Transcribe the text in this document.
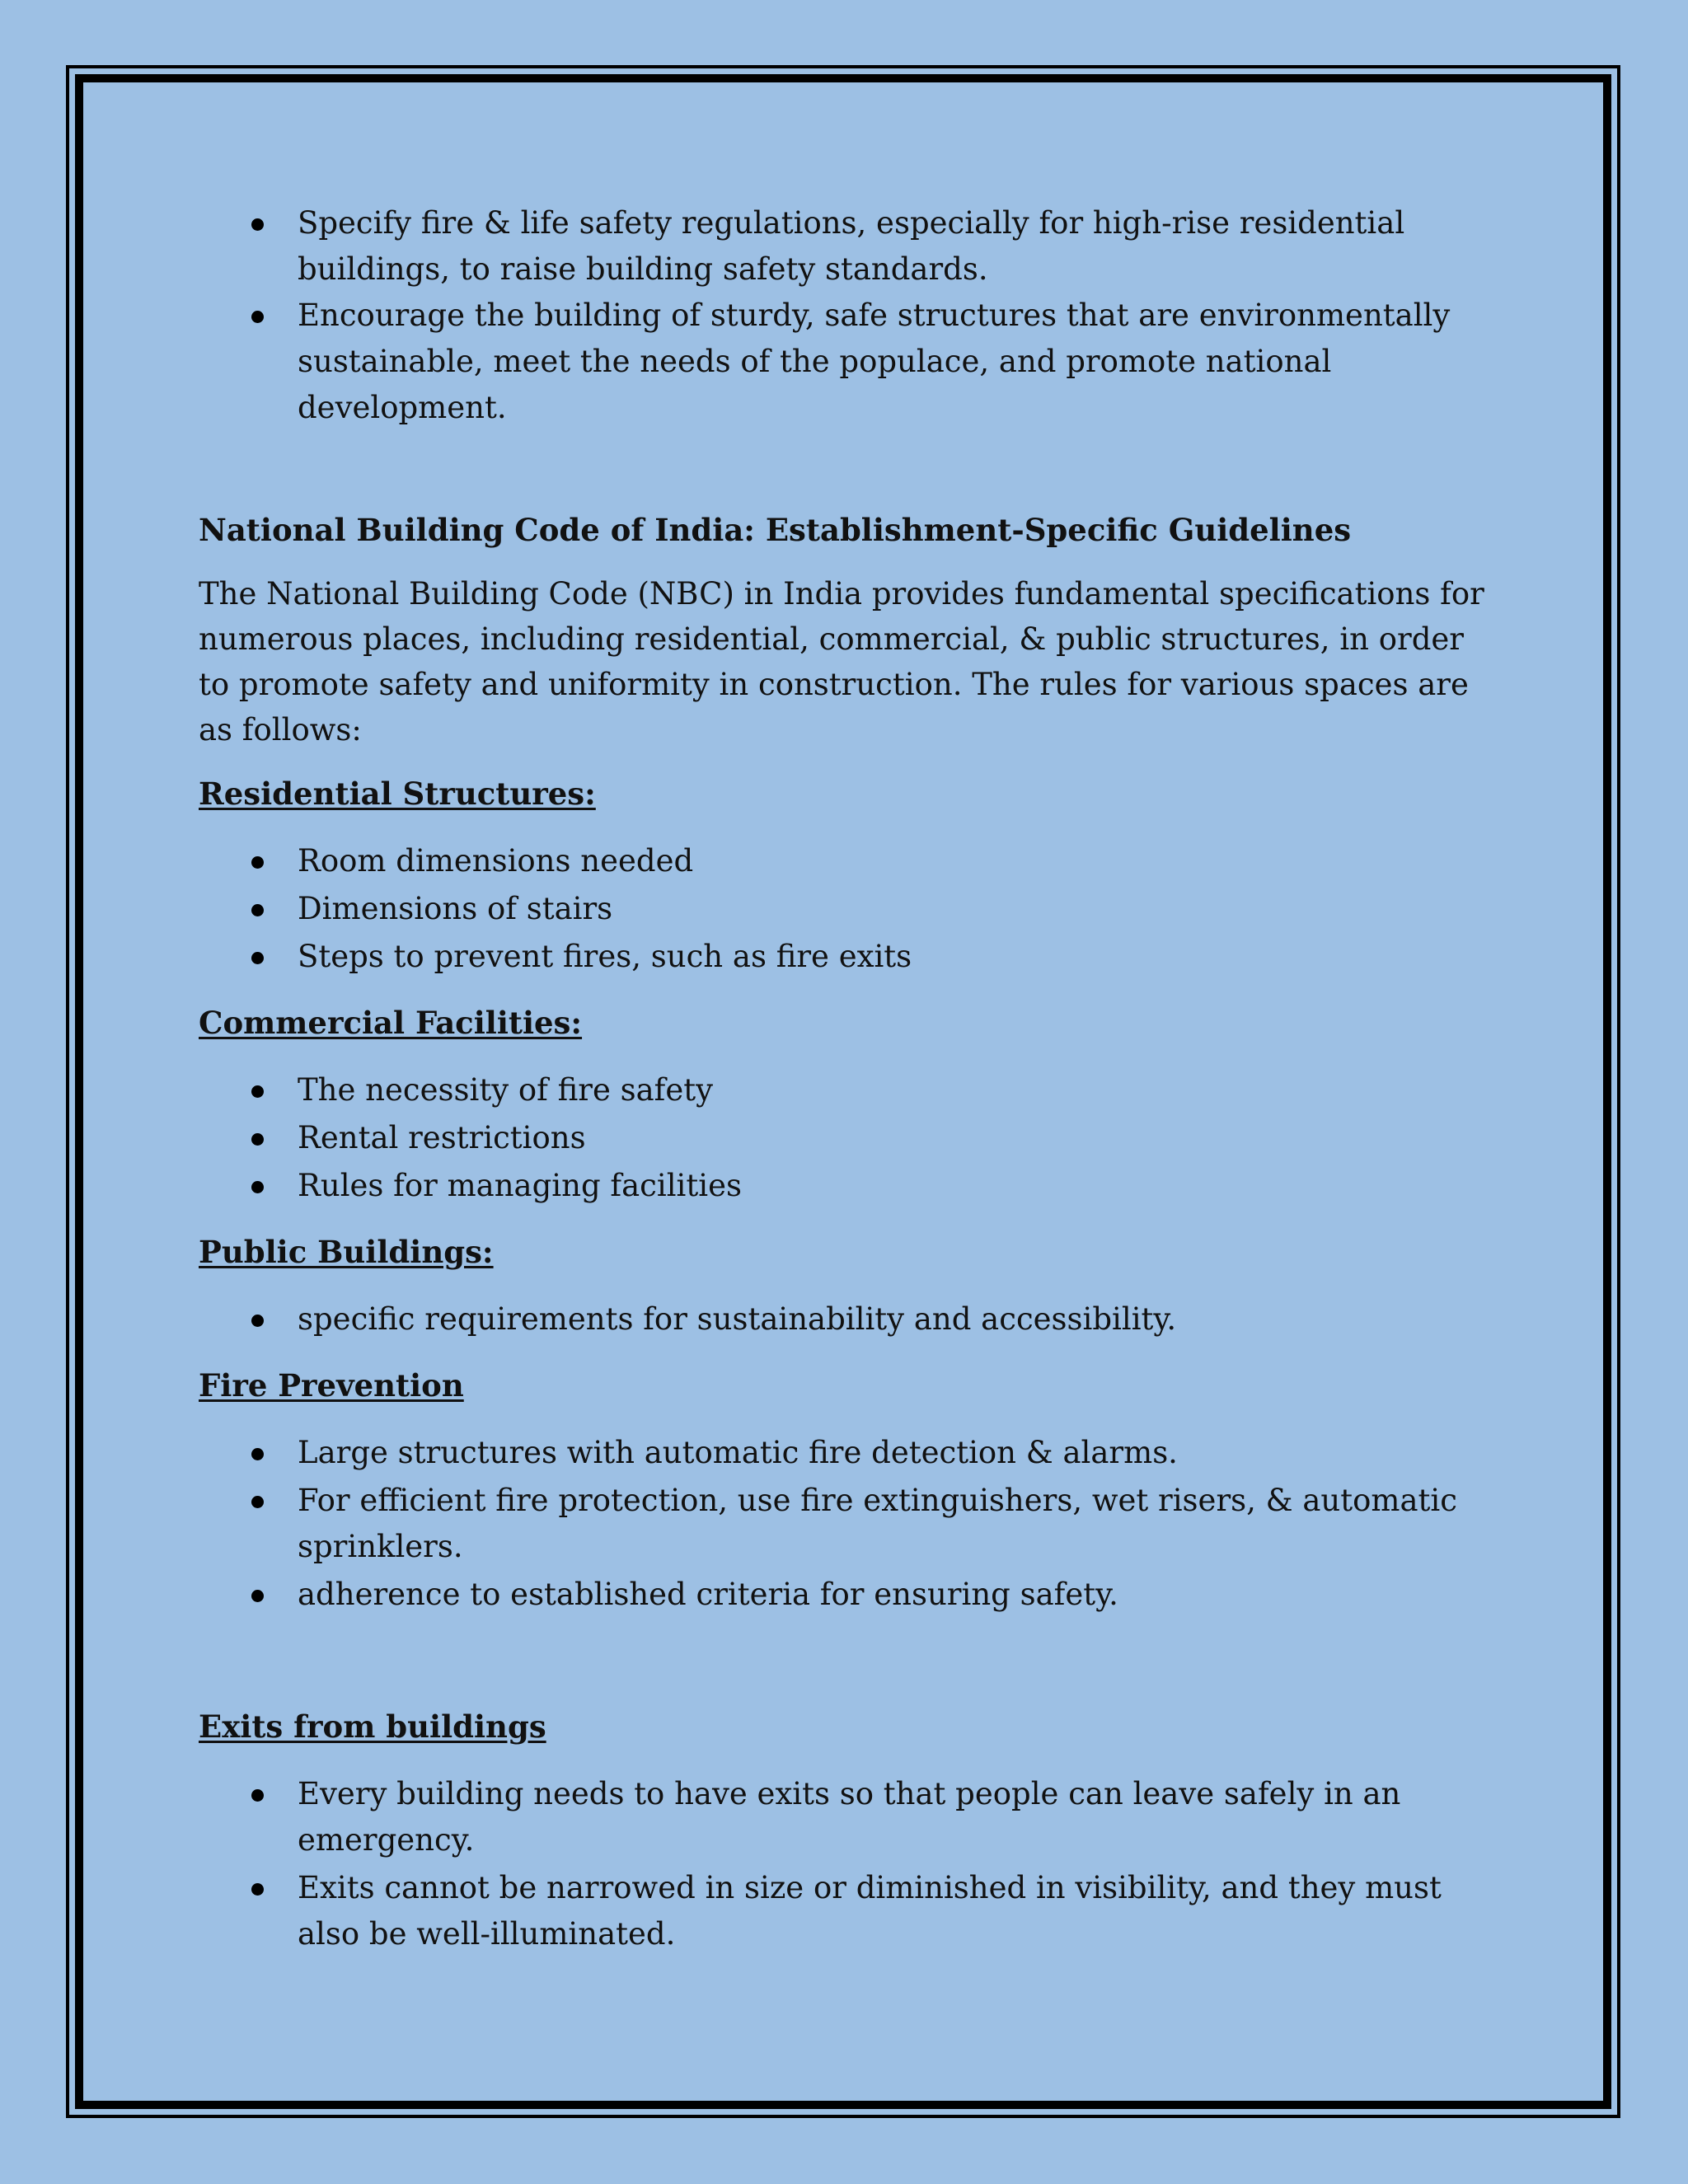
Specify fire & life safety regulations, especially for high-rise residential buildings, to raise building safety standards.
Encourage the building of sturdy, safe structures that are environmentally sustainable, meet the needs of the populace, and promote national development.
National Building Code of India: Establishment-Specific Guidelines

The National Building Code (NBC) in India provides fundamental specifications for numerous places, including residential, commercial, & public structures, in order to promote safety and uniformity in construction. The rules for various spaces are as follows:

Residential Structures:
Room dimensions needed
Dimensions of stairs
Steps to prevent fires, such as fire exits
Commercial Facilities:
The necessity of fire safety
Rental restrictions
Rules for managing facilities
Public Buildings:
specific requirements for sustainability and accessibility.
Fire Prevention
Large structures with automatic fire detection & alarms.
For efficient fire protection, use fire extinguishers, wet risers, & automatic sprinklers.
adherence to established criteria for ensuring safety.
Exits from buildings
Every building needs to have exits so that people can leave safely in an emergency.
Exits cannot be narrowed in size or diminished in visibility, and they must also be well-illuminated.
